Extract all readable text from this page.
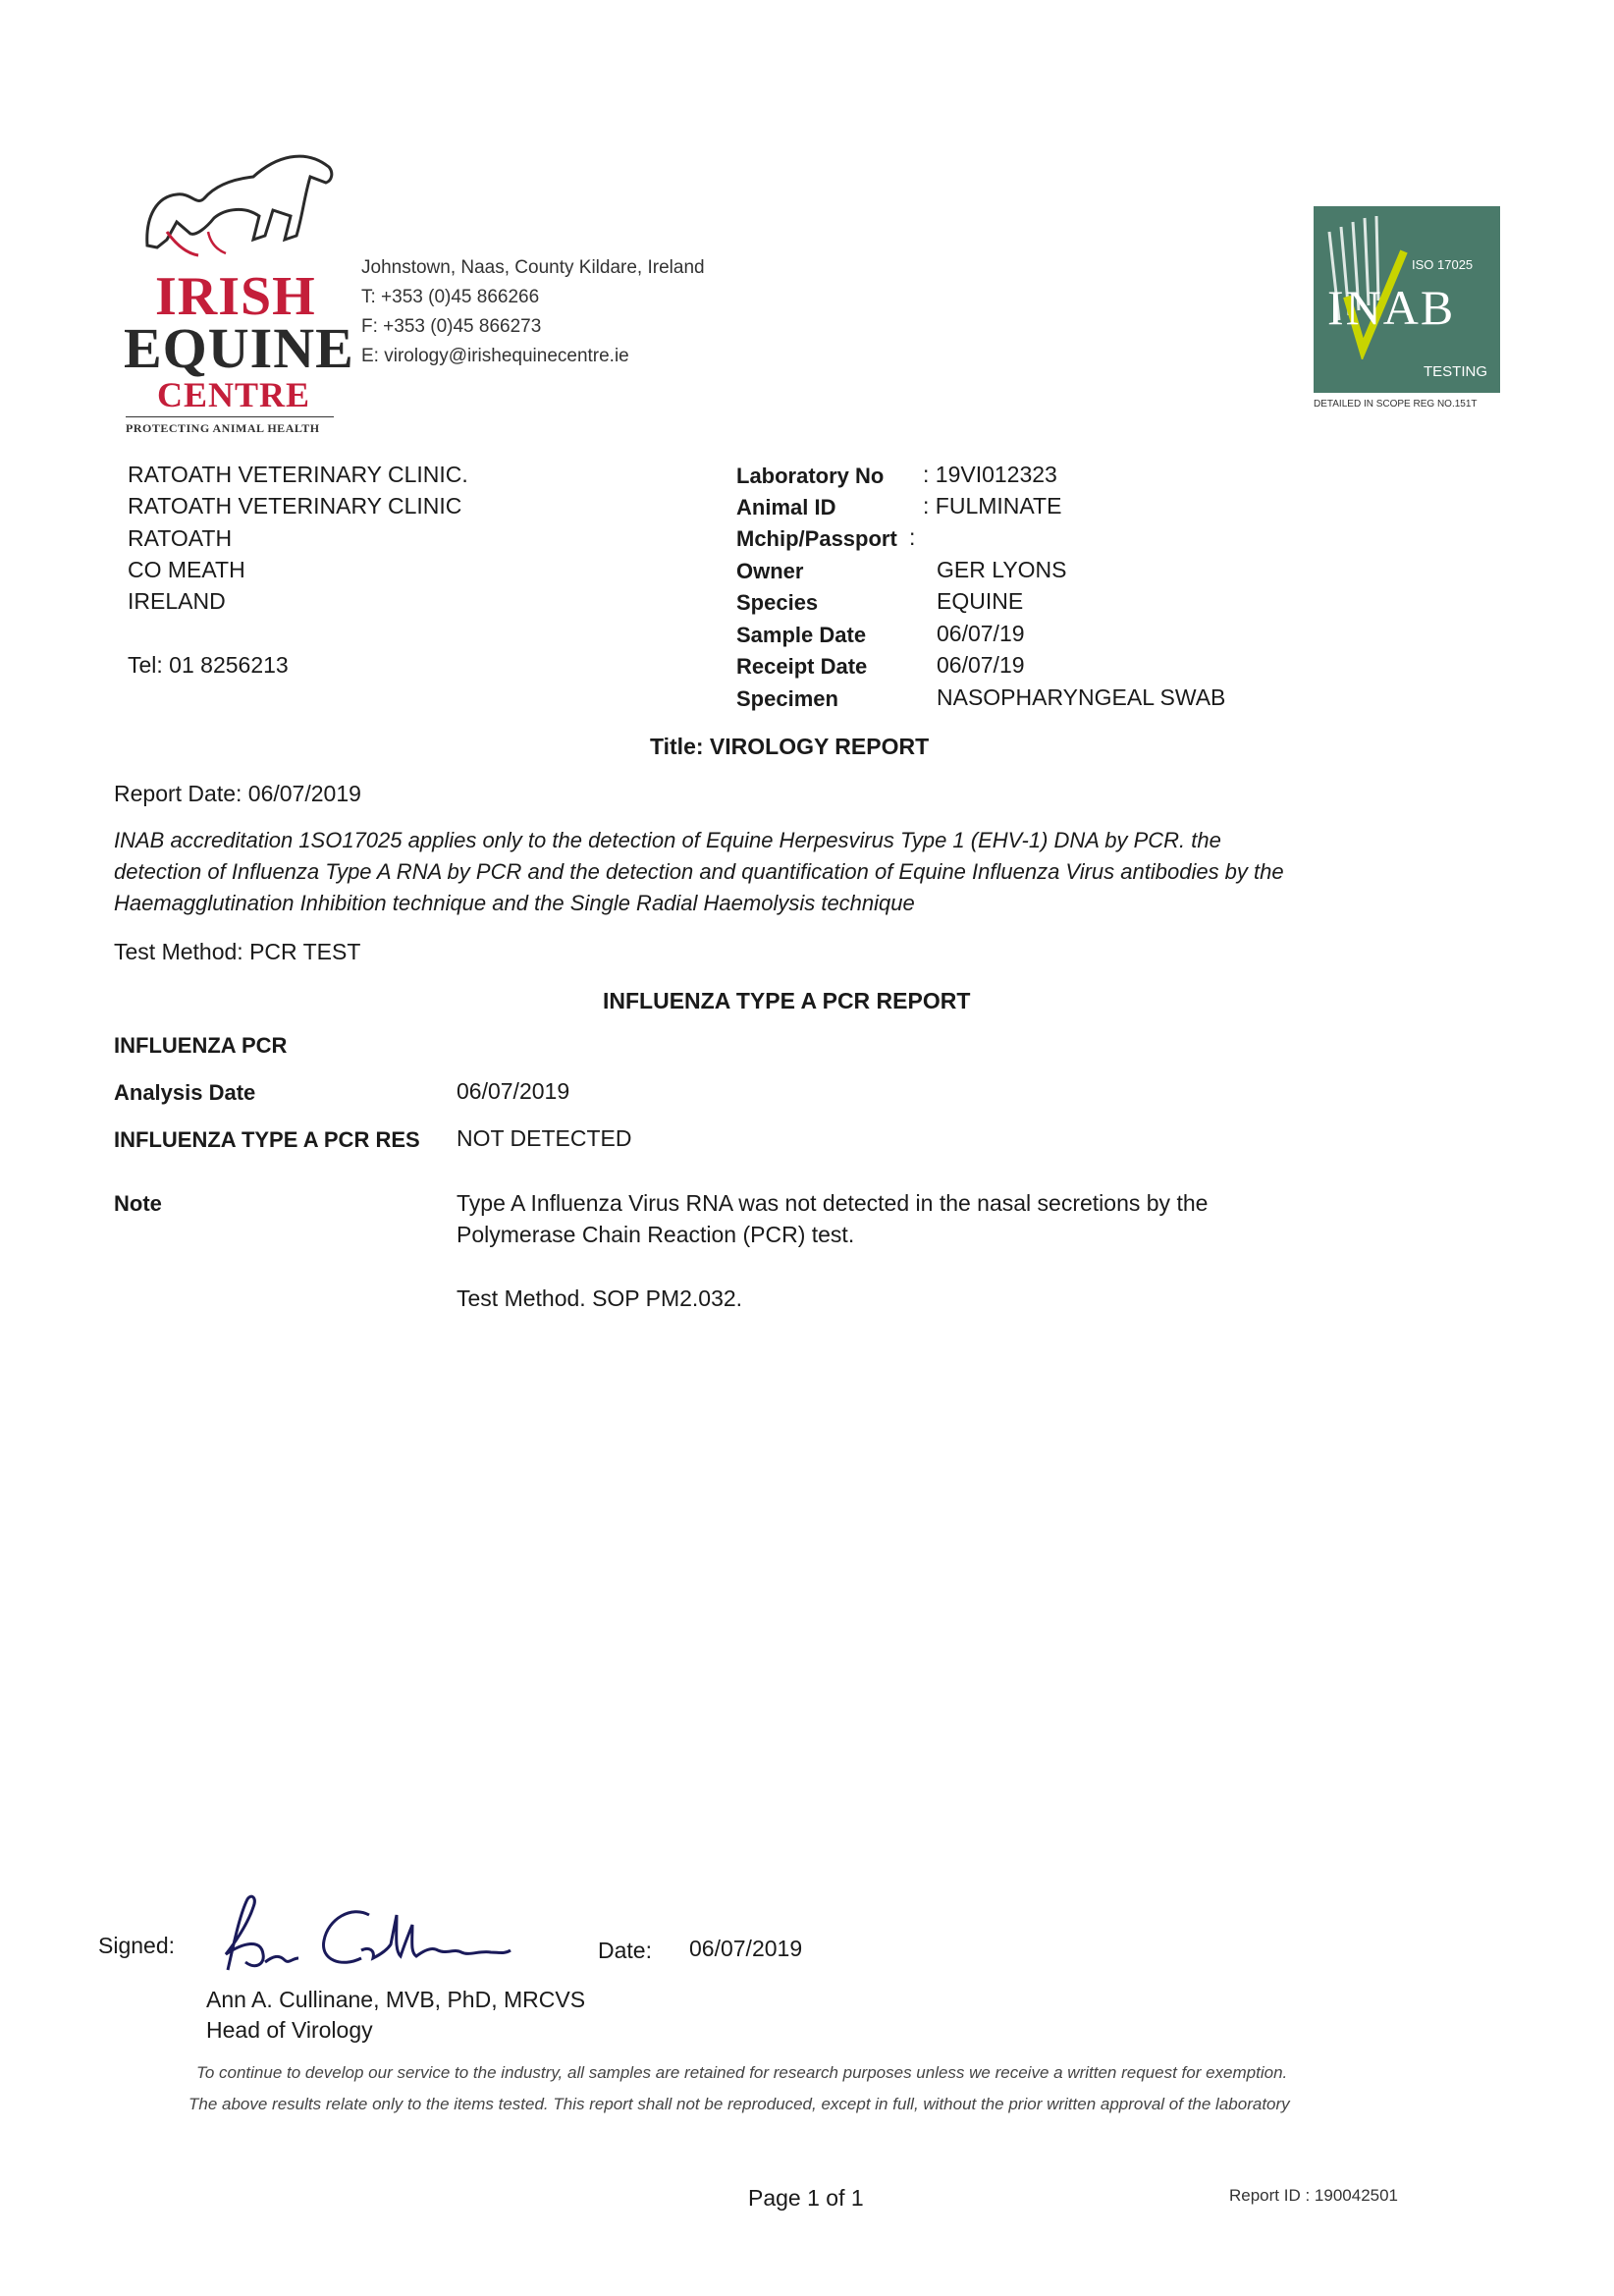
IRISH
EQUINE
CENTRE
PROTECTING ANIMAL HEALTH
Johnstown, Naas, County Kildare, Ireland
T: +353 (0)45 866266
F: +353 (0)45 866273
E: virology@irishequinecentre.ie
ISO 17025
INAB
TESTING
DETAILED IN SCOPE REG NO.151T
RATOATH VETERINARY CLINIC.
RATOATH VETERINARY CLINIC
RATOATH
CO MEATH
IRELAND
Tel: 01 8256213
Laboratory No : 19VI012323
Animal ID	: FULMINATE
Mchip/Passport :
Owner	GER LYONS
Species	EQUINE
Sample Date	06/07/19
Receipt Date	06/07/19
Specimen	NASOPHARYNGEAL SWAB
Title: VIROLOGY REPORT
Report Date: 06/07/2019
INAB accreditation 1SO17025 applies only to the detection of Equine Herpesvirus Type 1 (EHV-1) DNA by PCR. the
detection of Influenza Type A RNA by PCR and the detection and quantification of Equine Influenza Virus antibodies by the
Haemagglutination Inhibition technique and the Single Radial Haemolysis technique
Test Method: PCR TEST
INFLUENZA TYPE A PCR REPORT
INFLUENZA PCR
Analysis Date	06/07/2019
INFLUENZA TYPE A PCR RES NOT DETECTED
Note	Type A Influenza Virus RNA was not detected in the nasal secretions by the
Polymerase Chain Reaction (PCR) test.
Test Method. SOP PM2.032.
Signed:	Date: 06/07/2019
Ann A. Cullinane, MVB, PhD, MRCVS
Head of Virology
To continue to develop our service to the industry, all samples are retained for research purposes unless we receive a written request for exemption.
The above results relate only to the items tested. This report shall not be reproduced, except in full, without the prior written approval of the laboratory
Page 1 of 1	Report ID : 190042501
